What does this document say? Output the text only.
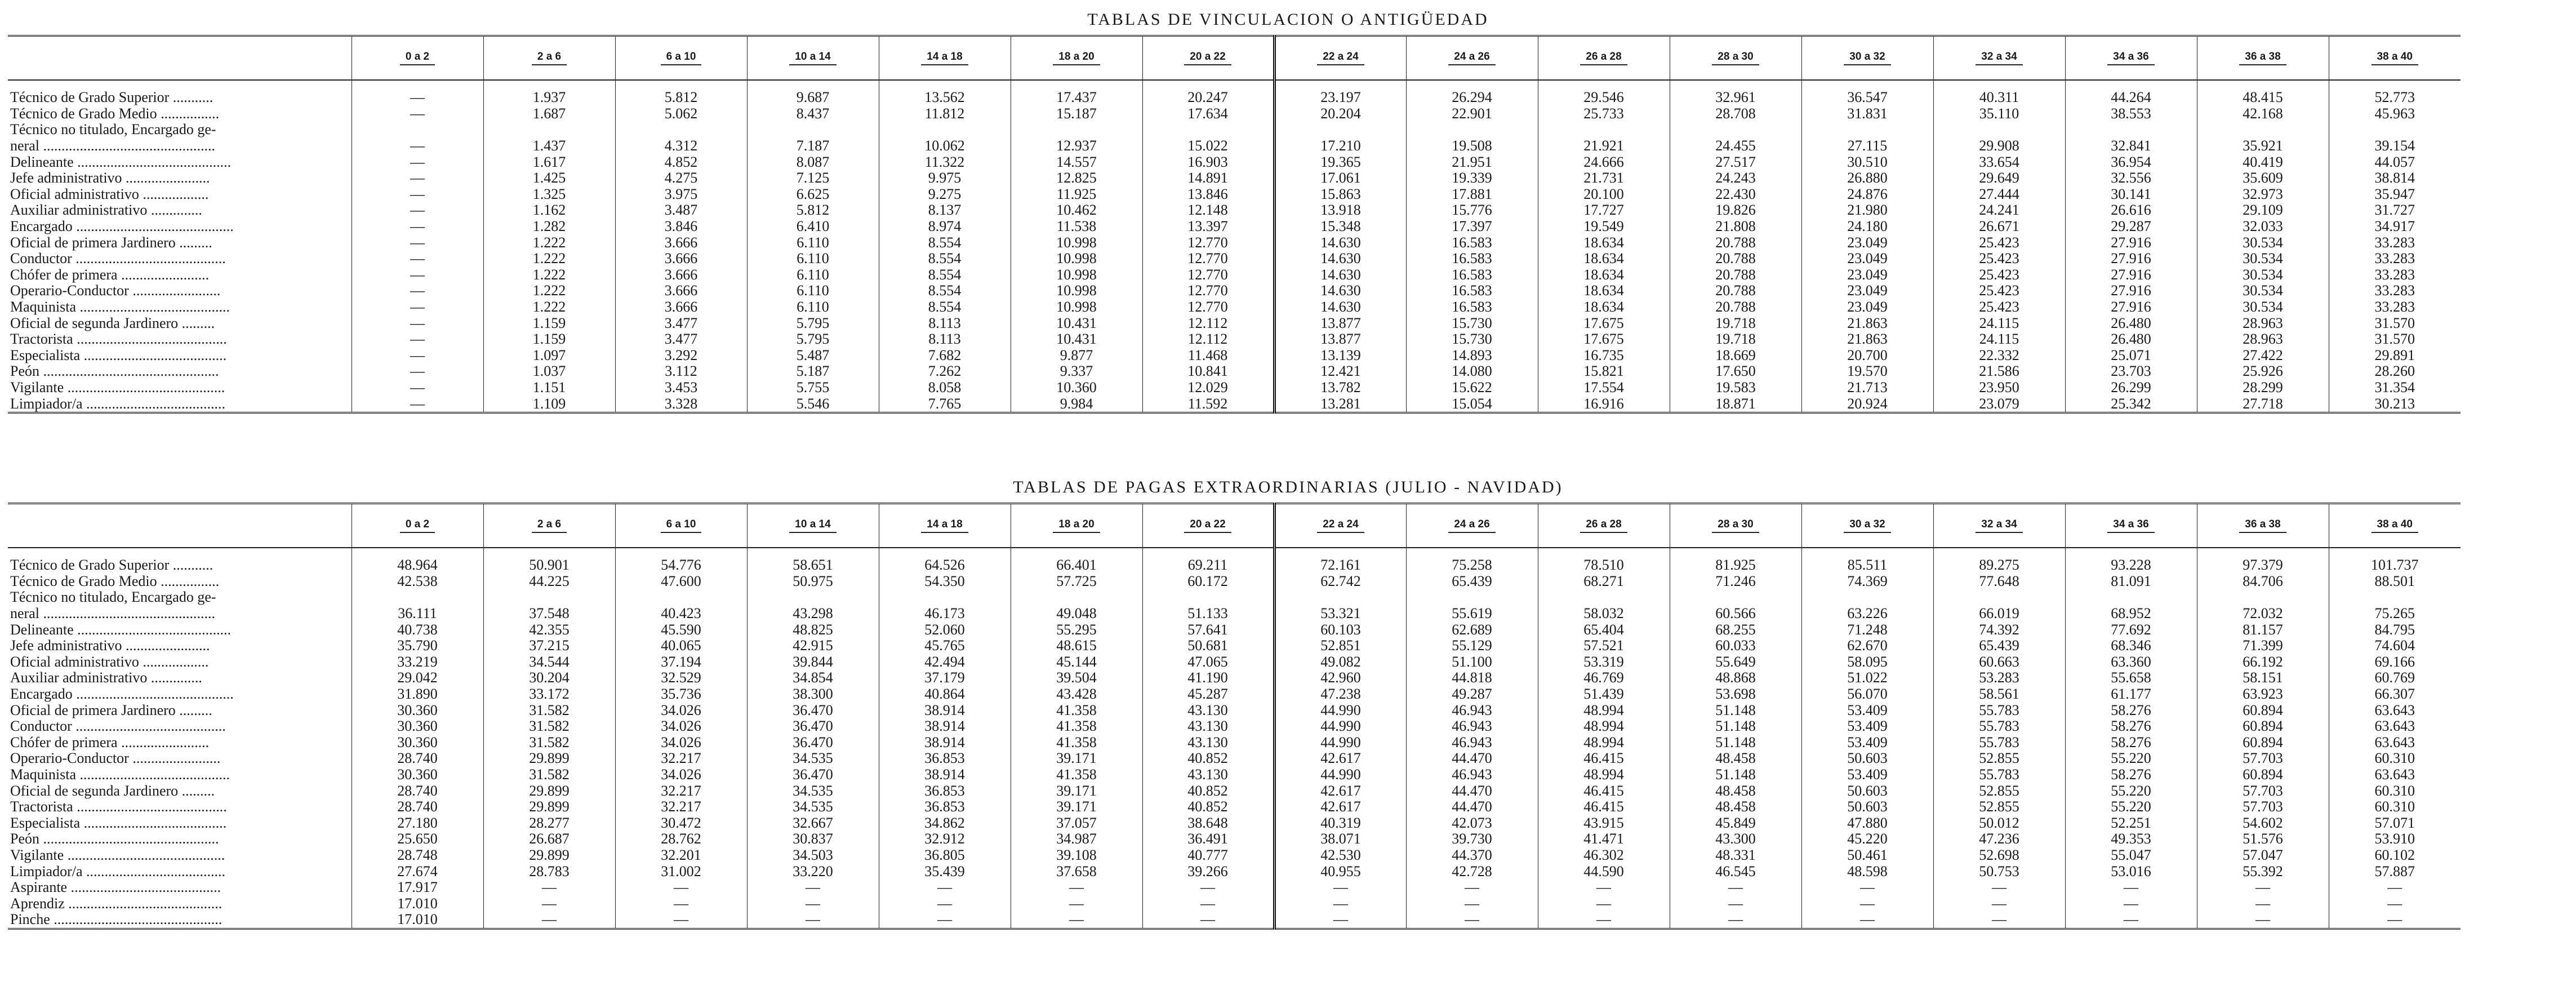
TABLAS DE VINCULACION O ANTIGÜEDAD
	0 a 2	2 a 6	6 a 10	10 a 14	14 a 18	18 a 20	20 a 22	22 a 24	24 a 26	26 a 28	28 a 30	30 a 32	32 a 34	34 a 36	36 a 38	38 a 40
Técnico de Grado Superior ...........	—	1.937	5.812	9.687	13.562	17.437	20.247	23.197	26.294	29.546	32.961	36.547	40.311	44.264	48.415	52.773
Técnico de Grado Medio ................	—	1.687	5.062	8.437	11.812	15.187	17.634	20.204	22.901	25.733	28.708	31.831	35.110	38.553	42.168	45.963
Técnico no titulado, Encargado ge-																
neral ...............................................	—	1.437	4.312	7.187	10.062	12.937	15.022	17.210	19.508	21.921	24.455	27.115	29.908	32.841	35.921	39.154
Delineante ..........................................	—	1.617	4.852	8.087	11.322	14.557	16.903	19.365	21.951	24.666	27.517	30.510	33.654	36.954	40.419	44.057
Jefe administrativo .......................	—	1.425	4.275	7.125	9.975	12.825	14.891	17.061	19.339	21.731	24.243	26.880	29.649	32.556	35.609	38.814
Oficial administrativo ..................	—	1.325	3.975	6.625	9.275	11.925	13.846	15.863	17.881	20.100	22.430	24.876	27.444	30.141	32.973	35.947
Auxiliar administrativo ..............	—	1.162	3.487	5.812	8.137	10.462	12.148	13.918	15.776	17.727	19.826	21.980	24.241	26.616	29.109	31.727
Encargado ...........................................	—	1.282	3.846	6.410	8.974	11.538	13.397	15.348	17.397	19.549	21.808	24.180	26.671	29.287	32.033	34.917
Oficial de primera Jardinero .........	—	1.222	3.666	6.110	8.554	10.998	12.770	14.630	16.583	18.634	20.788	23.049	25.423	27.916	30.534	33.283
Conductor .........................................	—	1.222	3.666	6.110	8.554	10.998	12.770	14.630	16.583	18.634	20.788	23.049	25.423	27.916	30.534	33.283
Chófer de primera ........................	—	1.222	3.666	6.110	8.554	10.998	12.770	14.630	16.583	18.634	20.788	23.049	25.423	27.916	30.534	33.283
Operario-Conductor ........................	—	1.222	3.666	6.110	8.554	10.998	12.770	14.630	16.583	18.634	20.788	23.049	25.423	27.916	30.534	33.283
Maquinista .........................................	—	1.222	3.666	6.110	8.554	10.998	12.770	14.630	16.583	18.634	20.788	23.049	25.423	27.916	30.534	33.283
Oficial de segunda Jardinero .........	—	1.159	3.477	5.795	8.113	10.431	12.112	13.877	15.730	17.675	19.718	21.863	24.115	26.480	28.963	31.570
Tractorista .........................................	—	1.159	3.477	5.795	8.113	10.431	12.112	13.877	15.730	17.675	19.718	21.863	24.115	26.480	28.963	31.570
Especialista .......................................	—	1.097	3.292	5.487	7.682	9.877	11.468	13.139	14.893	16.735	18.669	20.700	22.332	25.071	27.422	29.891
Peón ................................................	—	1.037	3.112	5.187	7.262	9.337	10.841	12.421	14.080	15.821	17.650	19.570	21.586	23.703	25.926	28.260
Vigilante ...........................................	—	1.151	3.453	5.755	8.058	10.360	12.029	13.782	15.622	17.554	19.583	21.713	23.950	26.299	28.299	31.354
Limpiador/a ......................................	—	1.109	3.328	5.546	7.765	9.984	11.592	13.281	15.054	16.916	18.871	20.924	23.079	25.342	27.718	30.213
TABLAS DE PAGAS EXTRAORDINARIAS (JULIO - NAVIDAD)
	0 a 2	2 a 6	6 a 10	10 a 14	14 a 18	18 a 20	20 a 22	22 a 24	24 a 26	26 a 28	28 a 30	30 a 32	32 a 34	34 a 36	36 a 38	38 a 40
Técnico de Grado Superior ...........	48.964	50.901	54.776	58.651	64.526	66.401	69.211	72.161	75.258	78.510	81.925	85.511	89.275	93.228	97.379	101.737
Técnico de Grado Medio ................	42.538	44.225	47.600	50.975	54.350	57.725	60.172	62.742	65.439	68.271	71.246	74.369	77.648	81.091	84.706	88.501
Técnico no titulado, Encargado ge-																
neral ...............................................	36.111	37.548	40.423	43.298	46.173	49.048	51.133	53.321	55.619	58.032	60.566	63.226	66.019	68.952	72.032	75.265
Delineante ..........................................	40.738	42.355	45.590	48.825	52.060	55.295	57.641	60.103	62.689	65.404	68.255	71.248	74.392	77.692	81.157	84.795
Jefe administrativo .......................	35.790	37.215	40.065	42.915	45.765	48.615	50.681	52.851	55.129	57.521	60.033	62.670	65.439	68.346	71.399	74.604
Oficial administrativo ..................	33.219	34.544	37.194	39.844	42.494	45.144	47.065	49.082	51.100	53.319	55.649	58.095	60.663	63.360	66.192	69.166
Auxiliar administrativo ..............	29.042	30.204	32.529	34.854	37.179	39.504	41.190	42.960	44.818	46.769	48.868	51.022	53.283	55.658	58.151	60.769
Encargado ...........................................	31.890	33.172	35.736	38.300	40.864	43.428	45.287	47.238	49.287	51.439	53.698	56.070	58.561	61.177	63.923	66.307
Oficial de primera Jardinero .........	30.360	31.582	34.026	36.470	38.914	41.358	43.130	44.990	46.943	48.994	51.148	53.409	55.783	58.276	60.894	63.643
Conductor .........................................	30.360	31.582	34.026	36.470	38.914	41.358	43.130	44.990	46.943	48.994	51.148	53.409	55.783	58.276	60.894	63.643
Chófer de primera ........................	30.360	31.582	34.026	36.470	38.914	41.358	43.130	44.990	46.943	48.994	51.148	53.409	55.783	58.276	60.894	63.643
Operario-Conductor ........................	28.740	29.899	32.217	34.535	36.853	39.171	40.852	42.617	44.470	46.415	48.458	50.603	52.855	55.220	57.703	60.310
Maquinista .........................................	30.360	31.582	34.026	36.470	38.914	41.358	43.130	44.990	46.943	48.994	51.148	53.409	55.783	58.276	60.894	63.643
Oficial de segunda Jardinero .........	28.740	29.899	32.217	34.535	36.853	39.171	40.852	42.617	44.470	46.415	48.458	50.603	52.855	55.220	57.703	60.310
Tractorista .........................................	28.740	29.899	32.217	34.535	36.853	39.171	40.852	42.617	44.470	46.415	48.458	50.603	52.855	55.220	57.703	60.310
Especialista .......................................	27.180	28.277	30.472	32.667	34.862	37.057	38.648	40.319	42.073	43.915	45.849	47.880	50.012	52.251	54.602	57.071
Peón ................................................	25.650	26.687	28.762	30.837	32.912	34.987	36.491	38.071	39.730	41.471	43.300	45.220	47.236	49.353	51.576	53.910
Vigilante ...........................................	28.748	29.899	32.201	34.503	36.805	39.108	40.777	42.530	44.370	46.302	48.331	50.461	52.698	55.047	57.047	60.102
Limpiador/a ......................................	27.674	28.783	31.002	33.220	35.439	37.658	39.266	40.955	42.728	44.590	46.545	48.598	50.753	53.016	55.392	57.887
Aspirante .........................................	17.917	—	—	—	—	—	—	—	—	—	—	—	—	—	—	—
Aprendiz ..........................................	17.010	—	—	—	—	—	—	—	—	—	—	—	—	—	—	—
Pinche ..............................................	17.010	—	—	—	—	—	—	—	—	—	—	—	—	—	—	—
